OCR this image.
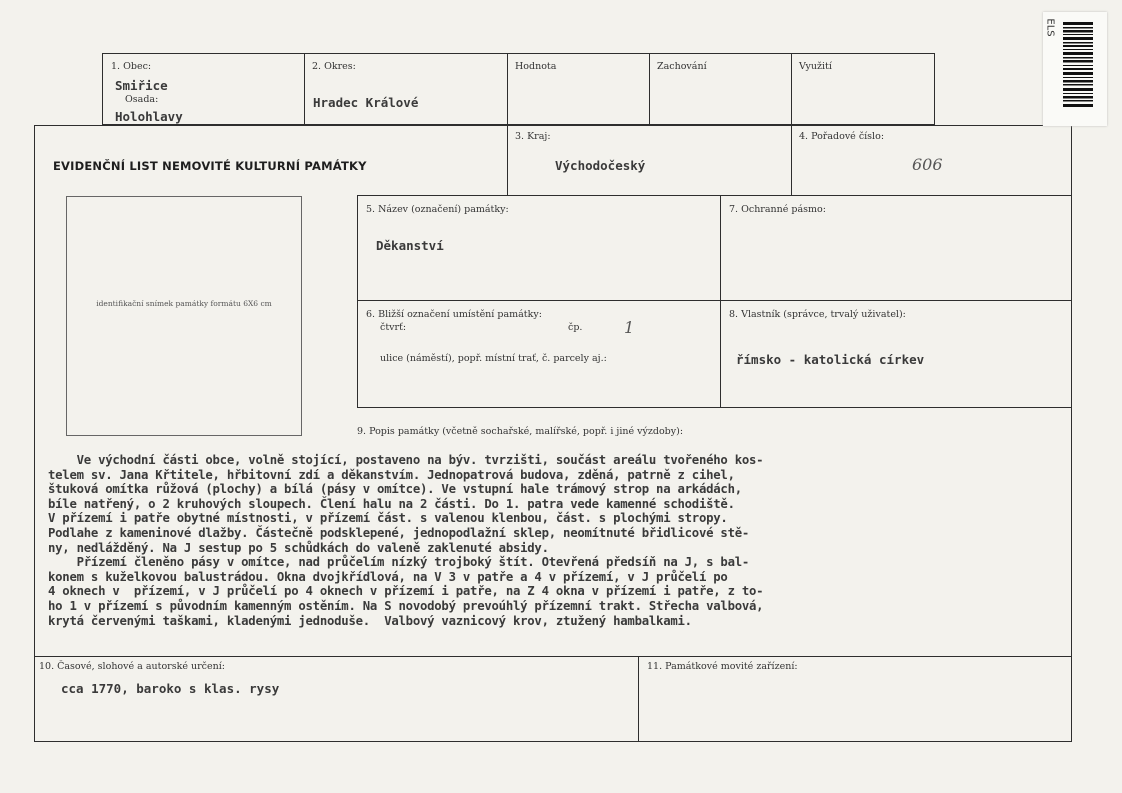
1. Obec:
Smiřice
Osada:
Holohlavy
2. Okres:
Hradec Králové
Hodnota	Zachování	Využití
EVIDENČNÍ LIST NEMOVITÉ KULTURNÍ PAMÁTKY
3. Kraj:
Východočeský
4. Pořadové číslo:
606
identifikační snímek památky formátu 6X6 cm
5. Název (označení) památky:
Děkanství
7. Ochranné pásmo:
6. Bližší označení umístění památky:
čtvrť:	čp.	1
ulice (náměstí), popř. místní trať, č. parcely aj.:
8. Vlastník (správce, trvalý uživatel):
římsko - katolická církev
9. Popis památky (včetně sochařské, malířské, popř. i jiné výzdoby):
Ve východní části obce, volně stojící, postaveno na býv. tvrzišti, součást areálu tvořeného kos-
telem sv. Jana Křtitele, hřbitovní zdí a děkanstvím. Jednopatrová budova, zděná, patrně z cihel,
štuková omítka růžová (plochy) a bílá (pásy v omítce). Ve vstupní hale trámový strop na arkádách,
bíle natřený, o 2 kruhových sloupech. Člení halu na 2 části. Do 1. patra vede kamenné schodiště.
V přízemí i patře obytné místnosti, v přízemí část. s valenou klenbou, část. s plochými stropy.
Podlahe z kameninové dlažby. Částečně podsklepené, jednopodlažní sklep, neomítnuté břidlicové stě-
ny, nedlážděný. Na J sestup po 5 schůdkách do valeně zaklenuté absidy.
Přízemí členěno pásy v omítce, nad průčelím nízký trojboký štít. Otevřená předsíň na J, s bal-
konem s kuželkovou balustrádou. Okna dvojkřídlová, na V 3 v patře a 4 v přízemí, v J průčelí po
4 oknech v  přízemí, v J průčelí po 4 oknech v přízemí i patře, na Z 4 okna v přízemí i patře, z to-
ho 1 v přízemí s původním kamenným ostěním. Na S novodobý prevoúhlý přízemní trakt. Střecha valbová,
krytá červenými taškami, kladenými jednoduše.  Valbový vaznicový krov, ztužený hambalkami.
10. Časové, slohové a autorské určení:
cca 1770, baroko s klas. rysy
11. Památkové movité zařízení:
ELS
